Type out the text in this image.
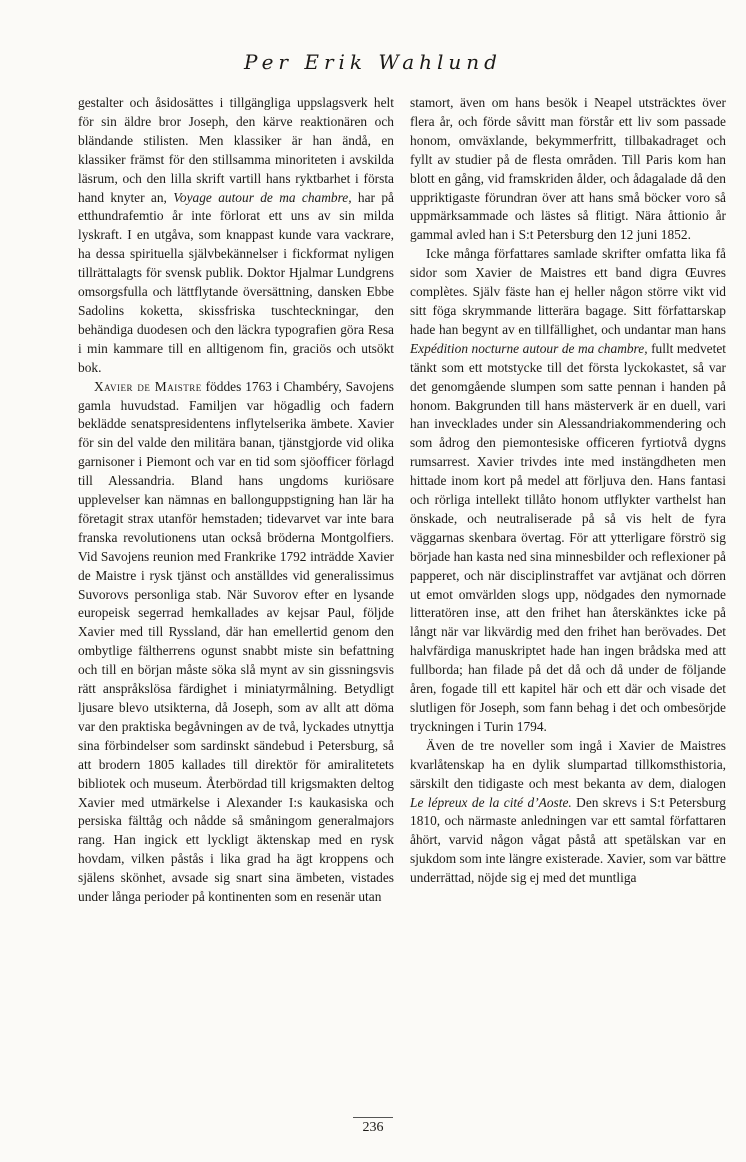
Per Erik Wahlund

gestalter och åsidosättes i tillgängliga uppslagsverk helt för sin äldre bror Joseph, den kärve reaktionären och bländande stilisten. Men klassiker är han ändå, en klassiker främst för den stillsamma minoriteten i avskilda läsrum, och den lilla skrift vartill hans ryktbarhet i första hand knyter an, Voyage autour de ma chambre, har på etthundrafemtio år inte förlorat ett uns av sin milda lyskraft. I en utgåva, som knappast kunde vara vackrare, ha dessa spirituella självbekännelser i fickformat nyligen tillrättalagts för svensk publik. Doktor Hjalmar Lundgrens omsorgsfulla och lättflytande översättning, dansken Ebbe Sadolins koketta, skissfriska tuschteckningar, den behändiga duodesen och den läckra typografien göra Resa i min kammare till en alltigenom fin, graciös och utsökt bok.

Xavier de Maistre föddes 1763 i Chambéry, Savojens gamla huvudstad. Familjen var högadlig och fadern beklädde senatspresidentens inflytelserika ämbete. Xavier för sin del valde den militära banan, tjänstgjorde vid olika garnisoner i Piemont och var en tid som sjöofficer förlagd till Alessandria. Bland hans ungdoms kuriösare upplevelser kan nämnas en ballonguppstigning han lär ha företagit strax utanför hemstaden; tidevarvet var inte bara franska revolutionens utan också bröderna Montgolfiers. Vid Savojens reunion med Frankrike 1792 inträdde Xavier de Maistre i rysk tjänst och anställdes vid generalissimus Suvorovs personliga stab. När Suvorov efter en lysande europeisk segerrad hemkallades av kejsar Paul, följde Xavier med till Ryssland, där han emellertid genom den ombytlige fältherrens ogunst snabbt miste sin befattning och till en början måste söka slå mynt av sin gissningsvis rätt anspråkslösa färdighet i miniatyrmålning. Betydligt ljusare blevo utsikterna, då Joseph, som av allt att döma var den praktiska begåvningen av de två, lyckades utnyttja sina förbindelser som sardinskt sändebud i Petersburg, så att brodern 1805 kallades till direktör för amiralitetets bibliotek och museum. Återbördad till krigsmakten deltog Xavier med utmärkelse i Alexander I:s kaukasiska och persiska fälttåg och nådde så småningom generalmajors rang. Han ingick ett lyckligt äktenskap med en rysk hovdam, vilken påstås i lika grad ha ägt kroppens och själens skönhet, avsade sig snart sina ämbeten, vistades under långa perioder på kontinenten som en resenär utan

stamort, även om hans besök i Neapel utsträcktes över flera år, och förde såvitt man förstår ett liv som passade honom, omväxlande, bekymmerfritt, tillbakadraget och fyllt av studier på de flesta områden. Till Paris kom han blott en gång, vid framskriden ålder, och ådagalade då den uppriktigaste förundran över att hans små böcker voro så uppmärksammade och lästes så flitigt. Nära åttionio år gammal avled han i S:t Petersburg den 12 juni 1852.

Icke många författares samlade skrifter omfatta lika få sidor som Xavier de Maistres ett band digra Œuvres complètes. Själv fäste han ej heller någon större vikt vid sitt föga skrymmande litterära bagage. Sitt författarskap hade han begynt av en tillfällighet, och undantar man hans Expédition nocturne autour de ma chambre, fullt medvetet tänkt som ett motstycke till det första lyckokastet, så var det genomgående slumpen som satte pennan i handen på honom. Bakgrunden till hans mästerverk är en duell, vari han invecklades under sin Alessandriakommendering och som ådrog den piemontesiske officeren fyrtiotvå dygns rumsarrest. Xavier trivdes inte med instängdheten men hittade inom kort på medel att förljuva den. Hans fantasi och rörliga intellekt tillåto honom utflykter varthelst han önskade, och neutraliserade på så vis helt de fyra väggarnas skenbara övertag. För att ytterligare förströ sig började han kasta ned sina minnesbilder och reflexioner på papperet, och när disciplinstraffet var avtjänat och dörren ut emot omvärlden slogs upp, nödgades den nymornade litteratören inse, att den frihet han återskänktes icke på långt när var likvärdig med den frihet han berövades. Det halvfärdiga manuskriptet hade han ingen brådska med att fullborda; han filade på det då och då under de följande åren, fogade till ett kapitel här och ett där och visade det slutligen för Joseph, som fann behag i det och ombesörjde tryckningen i Turin 1794.

Även de tre noveller som ingå i Xavier de Maistres kvarlåtenskap ha en dylik slumpartad tillkomsthistoria, särskilt den tidigaste och mest bekanta av dem, dialogen Le lépreux de la cité d’Aoste. Den skrevs i S:t Petersburg 1810, och närmaste anledningen var ett samtal författaren åhört, varvid någon vågat påstå att spetälskan var en sjukdom som inte längre existerade. Xavier, som var bättre underrättad, nöjde sig ej med det muntliga

236
